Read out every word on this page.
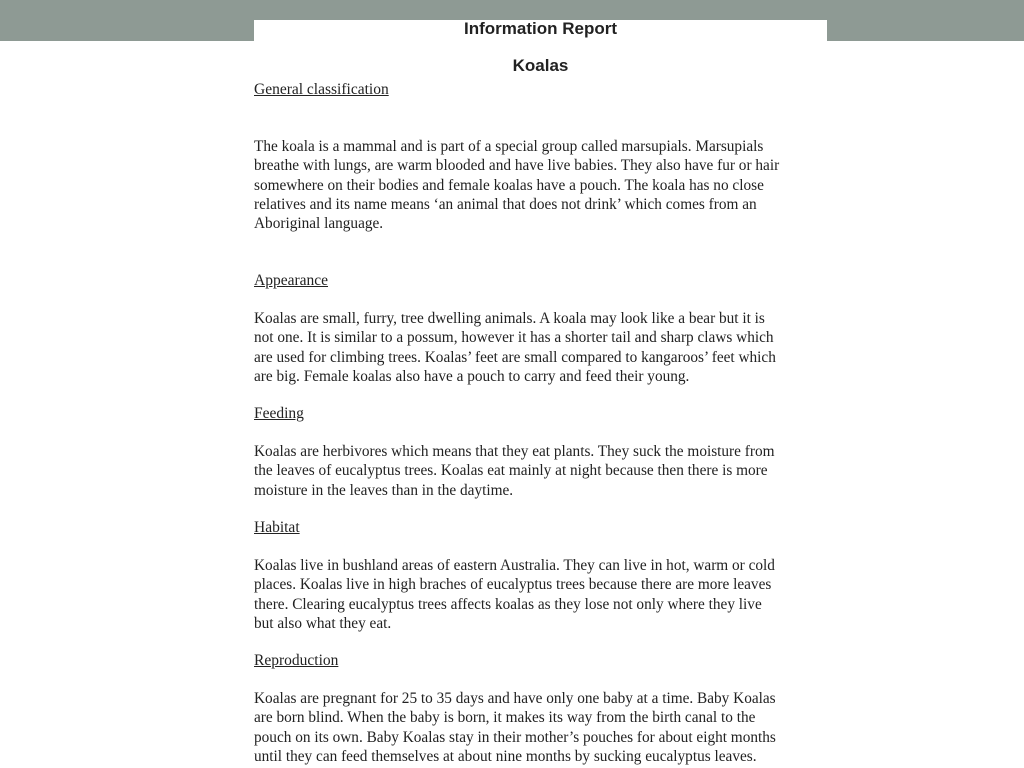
Information Report
Koalas
General classification
The koala is a mammal and is part of a special group called marsupials. Marsupials
breathe with lungs, are warm blooded and have live babies. They also have fur or hair
somewhere on their bodies and female koalas have a pouch. The koala has no close
relatives and its name means ‘an animal that does not drink’ which comes from an
Aboriginal language.
Appearance
Koalas are small, furry, tree dwelling animals. A koala may look like a bear but it is
not one. It is similar to a possum, however it has a shorter tail and sharp claws which
are used for climbing trees. Koalas’ feet are small compared to kangaroos’ feet which
are big. Female koalas also have a pouch to carry and feed their young.
Feeding
Koalas are herbivores which means that they eat plants. They suck the moisture from
the leaves of eucalyptus trees. Koalas eat mainly at night because then there is more
moisture in the leaves than in the daytime.
Habitat
Koalas live in bushland areas of eastern Australia. They can live in hot, warm or cold
places. Koalas live in high braches of eucalyptus trees because there are more leaves
there. Clearing eucalyptus trees affects koalas as they lose not only where they live
but also what they eat.
Reproduction
Koalas are pregnant for 25 to 35 days and have only one baby at a time. Baby Koalas
are born blind. When the baby is born, it makes its way from the birth canal to the
pouch on its own. Baby Koalas stay in their mother’s pouches for about eight months
until they can feed themselves at about nine months by sucking eucalyptus leaves.
